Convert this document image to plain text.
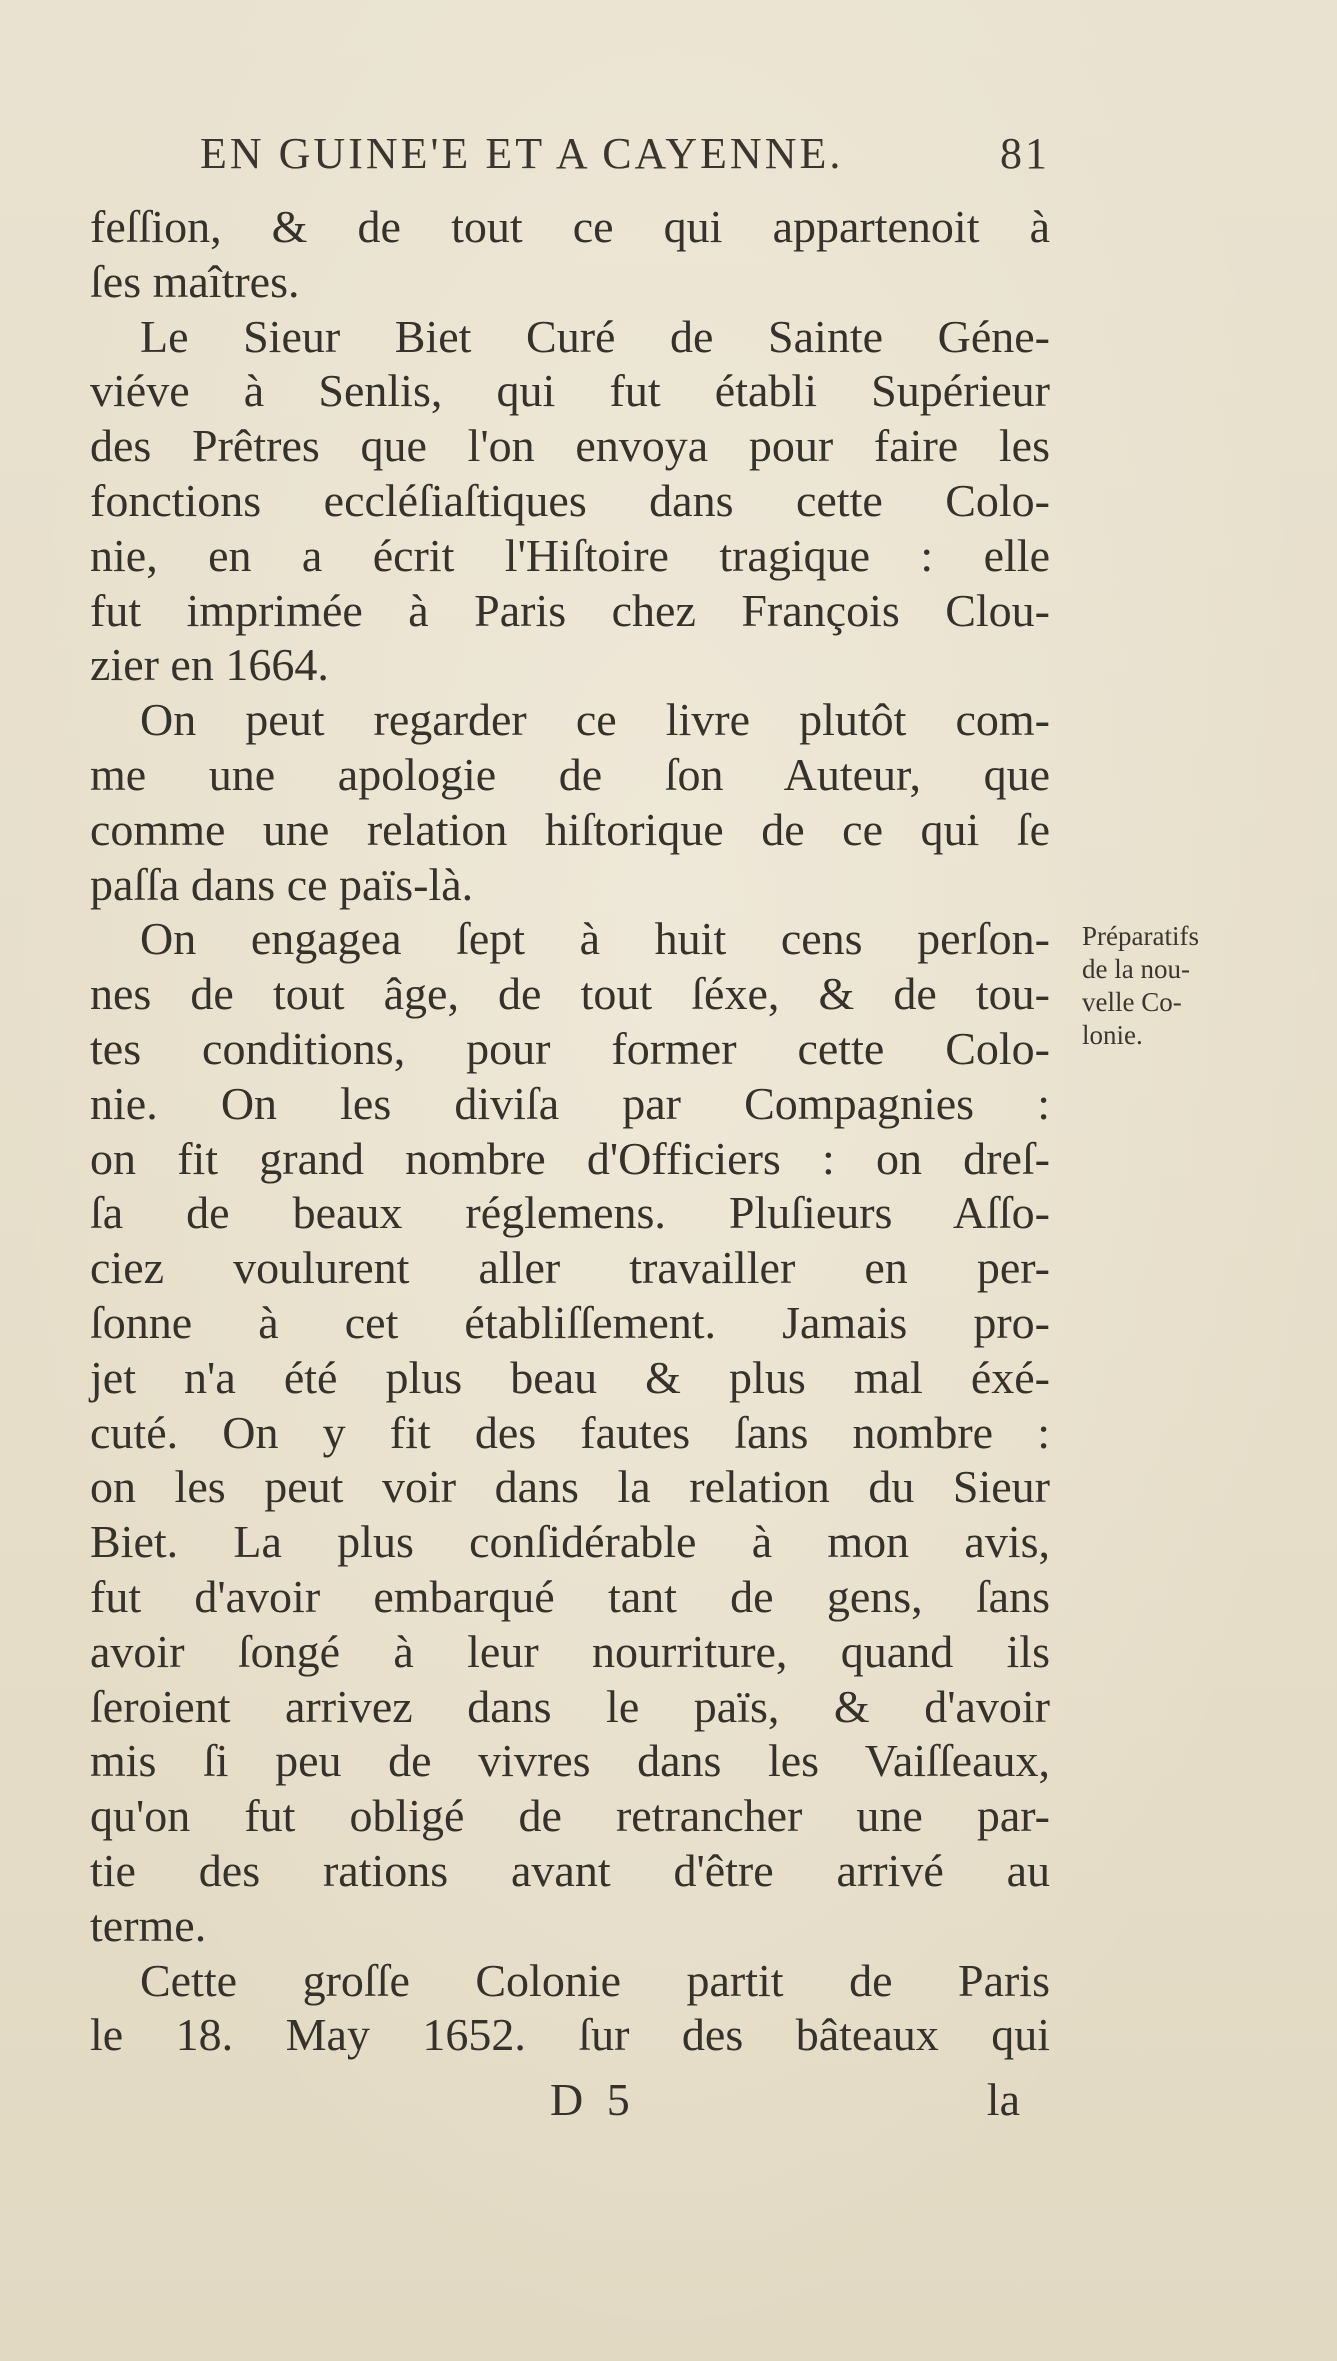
EN GUINE'E ET A CAYENNE.	81
feſſion, & de tout ce qui appartenoit à
ſes maîtres.
Le Sieur Biet Curé de Sainte Géne-
viéve à Senlis, qui fut établi Supérieur
des Prêtres que l'on envoya pour faire les
fonctions eccléſiaſtiques dans cette Colo-
nie, en a écrit l'Hiſtoire tragique : elle
fut imprimée à Paris chez François Clou-
zier en 1664.
On peut regarder ce livre plutôt com-
me une apologie de ſon Auteur, que
comme une relation hiſtorique de ce qui ſe
paſſa dans ce païs-là.
On engagea ſept à huit cens perſon-
nes de tout âge, de tout ſéxe, & de tou-
tes conditions, pour former cette Colo-
nie. On les diviſa par Compagnies :
on fit grand nombre d'Officiers : on dreſ-
ſa de beaux réglemens. Pluſieurs Aſſo-
ciez voulurent aller travailler en per-
ſonne à cet établiſſement. Jamais pro-
jet n'a été plus beau & plus mal éxé-
cuté. On y fit des fautes ſans nombre :
on les peut voir dans la relation du Sieur
Biet. La plus conſidérable à mon avis,
fut d'avoir embarqué tant de gens, ſans
avoir ſongé à leur nourriture, quand ils
ſeroient arrivez dans le païs, & d'avoir
mis ſi peu de vivres dans les Vaiſſeaux,
qu'on fut obligé de retrancher une par-
tie des rations avant d'être arrivé au
terme.
Cette groſſe Colonie partit de Paris
le 18. May 1652. ſur des bâteaux qui
Préparatifs
de la nou-
velle Co-
lonie.
D 5	la
